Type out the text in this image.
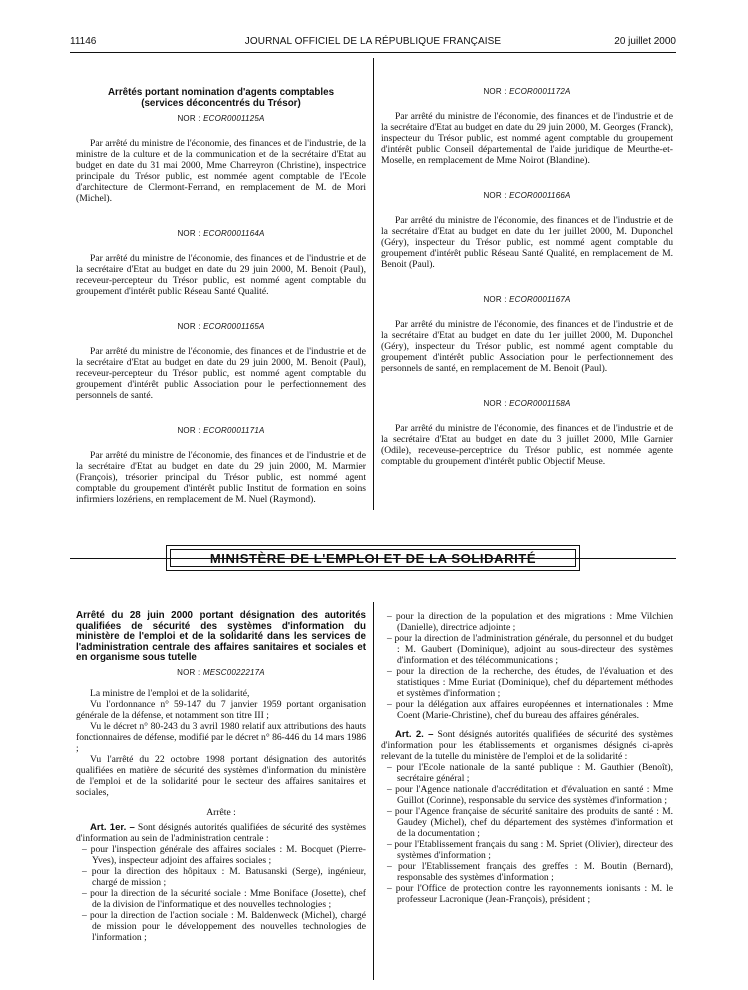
11146	JOURNAL OFFICIEL DE LA RÉPUBLIQUE FRANÇAISE	20 juillet 2000

Arrêtés portant nomination d'agents comptables

(services déconcentrés du Trésor)

NOR : ECOR0001125A

Par arrêté du ministre de l'économie, des finances et de l'industrie, de la ministre de la culture et de la communication et de la secrétaire d'Etat au budget en date du 31 mai 2000, Mme Charreyron (Christine), inspectrice principale du Trésor public, est nommée agent comptable de l'Ecole d'architecture de Clermont-Ferrand, en remplacement de M. de Mori (Michel).

NOR : ECOR0001164A

Par arrêté du ministre de l'économie, des finances et de l'industrie et de la secrétaire d'Etat au budget en date du 29 juin 2000, M. Benoit (Paul), receveur-percepteur du Trésor public, est nommé agent comptable du groupement d'intérêt public Réseau Santé Qualité.

NOR : ECOR0001165A

Par arrêté du ministre de l'économie, des finances et de l'industrie et de la secrétaire d'Etat au budget en date du 29 juin 2000, M. Benoit (Paul), receveur-percepteur du Trésor public, est nommé agent comptable du groupement d'intérêt public Association pour le perfectionnement des personnels de santé.

NOR : ECOR0001171A

Par arrêté du ministre de l'économie, des finances et de l'industrie et de la secrétaire d'Etat au budget en date du 29 juin 2000, M. Marmier (François), trésorier principal du Trésor public, est nommé agent comptable du groupement d'intérêt public Institut de formation en soins infirmiers lozériens, en remplacement de M. Nuel (Raymond).

NOR : ECOR0001172A

Par arrêté du ministre de l'économie, des finances et de l'industrie et de la secrétaire d'Etat au budget en date du 29 juin 2000, M. Georges (Franck), inspecteur du Trésor public, est nommé agent comptable du groupement d'intérêt public Conseil départemental de l'aide juridique de Meurthe-et-Moselle, en remplacement de Mme Noirot (Blandine).

NOR : ECOR0001166A

Par arrêté du ministre de l'économie, des finances et de l'industrie et de la secrétaire d'Etat au budget en date du 1er juillet 2000, M. Duponchel (Géry), inspecteur du Trésor public, est nommé agent comptable du groupement d'intérêt public Réseau Santé Qualité, en remplacement de M. Benoit (Paul).

NOR : ECOR0001167A

Par arrêté du ministre de l'économie, des finances et de l'industrie et de la secrétaire d'Etat au budget en date du 1er juillet 2000, M. Duponchel (Géry), inspecteur du Trésor public, est nommé agent comptable du groupement d'intérêt public Association pour le perfectionnement des personnels de santé, en remplacement de M. Benoit (Paul).

NOR : ECOR0001158A

Par arrêté du ministre de l'économie, des finances et de l'industrie et de la secrétaire d'Etat au budget en date du 3 juillet 2000, Mlle Garnier (Odile), receveuse-perceptrice du Trésor public, est nommée agente comptable du groupement d'intérêt public Objectif Meuse.

MINISTÈRE DE L'EMPLOI ET DE LA SOLIDARITÉ

Arrêté du 28 juin 2000 portant désignation des autorités qualifiées de sécurité des systèmes d'information du ministère de l'emploi et de la solidarité dans les services de l'administration centrale des affaires sanitaires et sociales et en organisme sous tutelle

NOR : MESC0022217A

La ministre de l'emploi et de la solidarité,

Vu l'ordonnance n° 59-147 du 7 janvier 1959 portant organisation générale de la défense, et notamment son titre III ;

Vu le décret n° 80-243 du 3 avril 1980 relatif aux attributions des hauts fonctionnaires de défense, modifié par le décret n° 86-446 du 14 mars 1986 ;

Vu l'arrêté du 22 octobre 1998 portant désignation des autorités qualifiées en matière de sécurité des systèmes d'information du ministère de l'emploi et de la solidarité pour le secteur des affaires sanitaires et sociales,

Arrête :

Art. 1er. – Sont désignés autorités qualifiées de sécurité des systèmes d'information au sein de l'administration centrale :

– pour l'inspection générale des affaires sociales : M. Bocquet (Pierre-Yves), inspecteur adjoint des affaires sociales ;

– pour la direction des hôpitaux : M. Batusanski (Serge), ingénieur, chargé de mission ;

– pour la direction de la sécurité sociale : Mme Boniface (Josette), chef de la division de l'informatique et des nouvelles technologies ;

– pour la direction de l'action sociale : M. Baldenweck (Michel), chargé de mission pour le développement des nouvelles technologies de l'information ;

– pour la direction de la population et des migrations : Mme Vilchien (Danielle), directrice adjointe ;

– pour la direction de l'administration générale, du personnel et du budget : M. Gaubert (Dominique), adjoint au sous-directeur des systèmes d'information et des télécommunications ;

– pour la direction de la recherche, des études, de l'évaluation et des statistiques : Mme Euriat (Dominique), chef du département méthodes et systèmes d'information ;

– pour la délégation aux affaires européennes et internationales : Mme Coent (Marie-Christine), chef du bureau des affaires générales.

Art. 2. – Sont désignés autorités qualifiées de sécurité des systèmes d'information pour les établissements et organismes désignés ci-après relevant de la tutelle du ministère de l'emploi et de la solidarité :

– pour l'Ecole nationale de la santé publique : M. Gauthier (Benoît), secrétaire général ;

– pour l'Agence nationale d'accréditation et d'évaluation en santé : Mme Guillot (Corinne), responsable du service des systèmes d'information ;

– pour l'Agence française de sécurité sanitaire des produits de santé : M. Gaudey (Michel), chef du département des systèmes d'information et de la documentation ;

– pour l'Etablissement français du sang : M. Spriet (Olivier), directeur des systèmes d'information ;

– pour l'Etablissement français des greffes : M. Boutin (Bernard), responsable des systèmes d'information ;

– pour l'Office de protection contre les rayonnements ionisants : M. le professeur Lacronique (Jean-François), président ;
